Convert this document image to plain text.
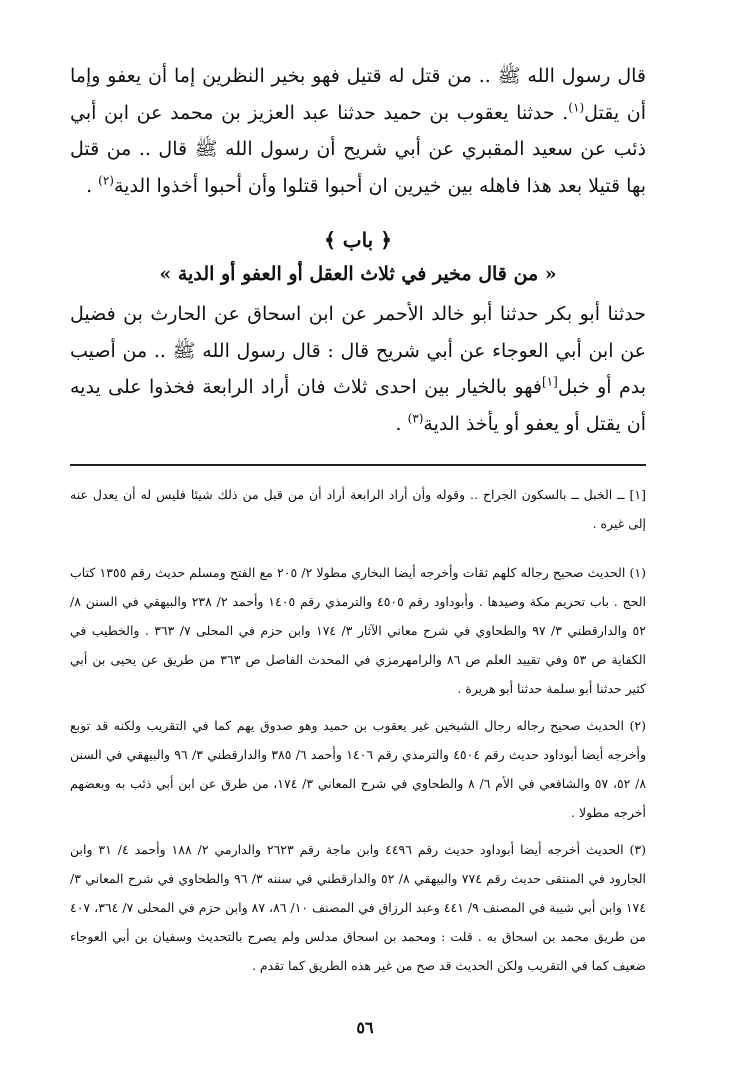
قال رسول الله ﷺ .. من قتل له قتيل فهو بخير النظرين إما أن يعفو وإما أن يقتل$^{(١)}$. حدثنا يعقوب بن حميد حدثنا عبد العزيز بن محمد عن ابن أبي ذئب عن سعيد المقبري عن أبي شريح أن رسول الله ﷺ قال .. من قتل بها قتيلا بعد هذا فاهله بين خيرين ان أحبوا قتلوا وأن أحبوا أخذوا الدية$^{(٢)}$ .

﴿ باب ﴾
« من قال مخير في ثلاث العقل أو العفو أو الدية »

حدثنا أبو بكر حدثنا أبو خالد الأحمر عن ابن اسحاق عن الحارث بن فضيل عن ابن أبي العوجاء عن أبي شريح قال : قال رسول الله ﷺ .. من أصيب بدم أو خبل[١]فهو بالخيار بين احدى ثلاث فان أراد الرابعة فخذوا على يديه أن يقتل أو يعفو أو يأخذ الدية$^{(٣)}$ .

[١] ــ الخبل ــ بالسكون الجراح .. وقوله وأن أراد الرابعة أراد أن من قبل من ذلك شيئا فليس له أن يعدل عنه إلى غيره .

(١) الحديث صحيح رجاله كلهم ثقات وأخرجه أيضا البخاري مطولا ٢/ ٢٠٥ مع الفتح ومسلم حديث رقم ١٣٥٥ كتاب الحج . باب تحريم مكة وصيدها . وأبوداود رقم ٤٥٠٥ والترمذي رقم ١٤٠٥ وأحمد ٢/ ٢٣٨ والبيهقي في السنن ٨/ ٥٢ والدارقطني ٣/ ٩٧ والطحاوي في شرح معاني الآثار ٣/ ١٧٤ وابن حزم في المحلى ٧/ ٣٦٣ . والخطيب في الكفاية ص ٥٣ وفي تقييد العلم ص ٨٦ والرامهرمزي في المحدث الفاصل ص ٣٦٣ من طريق عن يحيى بن أبي كثير حدثنا أبو سلمة حدثنا أبو هريرة .

(٢) الحديث صحيح رجاله رجال الشيخين غير يعقوب بن حميد وهو صدوق يهم كما في التقريب ولكنه قد توبع وأخرجه أيضا أبوداود حديث رقم ٤٥٠٤ والترمذي رقم ١٤٠٦ وأحمد ٦/ ٣٨٥ والدارقطني ٣/ ٩٦ والبيهقي في السنن ٨/ ٥٢، ٥٧ والشافعي في الأم ٦/ ٨ والطحاوي في شرح المعاني ٣/ ١٧٤، من طرق عن ابن أبي ذئب به وبعضهم أخرجه مطولا .

(٣) الحديث أخرجه أيضا أبوداود حديث رقم ٤٤٩٦ وابن ماجة رقم ٢٦٢٣ والدارمي ٢/ ١٨٨ وأحمد ٤/ ٣١ وابن الجارود في المنتقى حديث رقم ٧٧٤ والبيهقي ٨/ ٥٢ والدارقطني في سننه ٣/ ٩٦ والطحاوي في شرح المعاني ٣/ ١٧٤ وابن أبي شيبة في المصنف ٩/ ٤٤١ وعبد الرزاق في المصنف ١٠/ ٨٦، ٨٧ وابن حزم في المحلى ٧/ ٣٦٤، ٤٠٧ من طريق محمد بن اسحاق به . قلت : ومحمد بن اسحاق مدلس ولم يصرح بالتحديث وسفيان بن أبي العوجاء ضعيف كما في التقريب ولكن الحديث قد صح من غير هذه الطريق كما تقدم .

٥٦
